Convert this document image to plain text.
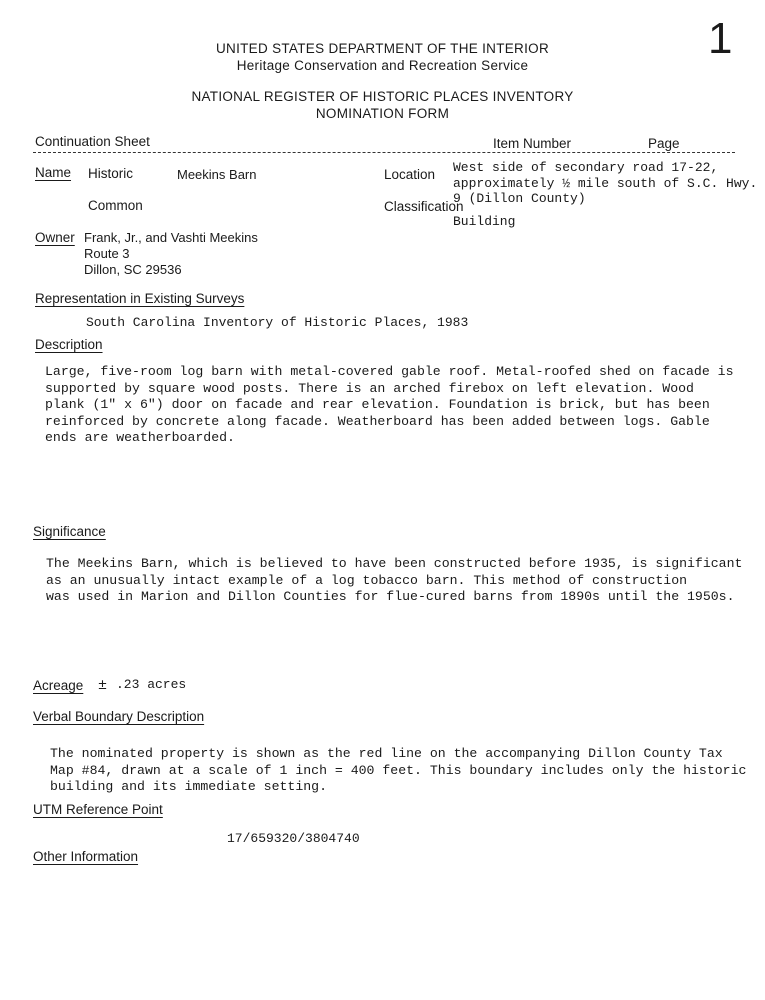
1
UNITED STATES DEPARTMENT OF THE INTERIOR
Heritage Conservation and Recreation Service
NATIONAL REGISTER OF HISTORIC PLACES INVENTORY
NOMINATION FORM
Continuation Sheet	Item Number	Page
Name Historic	Meekins Barn
Common
Location West side of secondary road 17-22,
approximately ½ mile south of S.C. Hwy.
9 (Dillon County)
Classification
Building
Owner Frank, Jr., and Vashti Meekins
Route 3
Dillon, SC 29536
Representation in Existing Surveys
South Carolina Inventory of Historic Places, 1983
Description
Large, five-room log barn with metal-covered gable roof. Metal-roofed shed on facade is
supported by square wood posts. There is an arched firebox on left elevation. Wood
plank (1" x 6") door on facade and rear elevation. Foundation is brick, but has been
reinforced by concrete along facade. Weatherboard has been added between logs. Gable
ends are weatherboarded.
Significance
The Meekins Barn, which is believed to have been constructed before 1935, is significant
as an unusually intact example of a log tobacco barn. This method of construction
was used in Marion and Dillon Counties for flue-cured barns from 1890s until the 1950s.
Acreage ± .23 acres
Verbal Boundary Description
The nominated property is shown as the red line on the accompanying Dillon County Tax
Map #84, drawn at a scale of 1 inch = 400 feet. This boundary includes only the historic
building and its immediate setting.
UTM Reference Point
17/659320/3804740
Other Information
